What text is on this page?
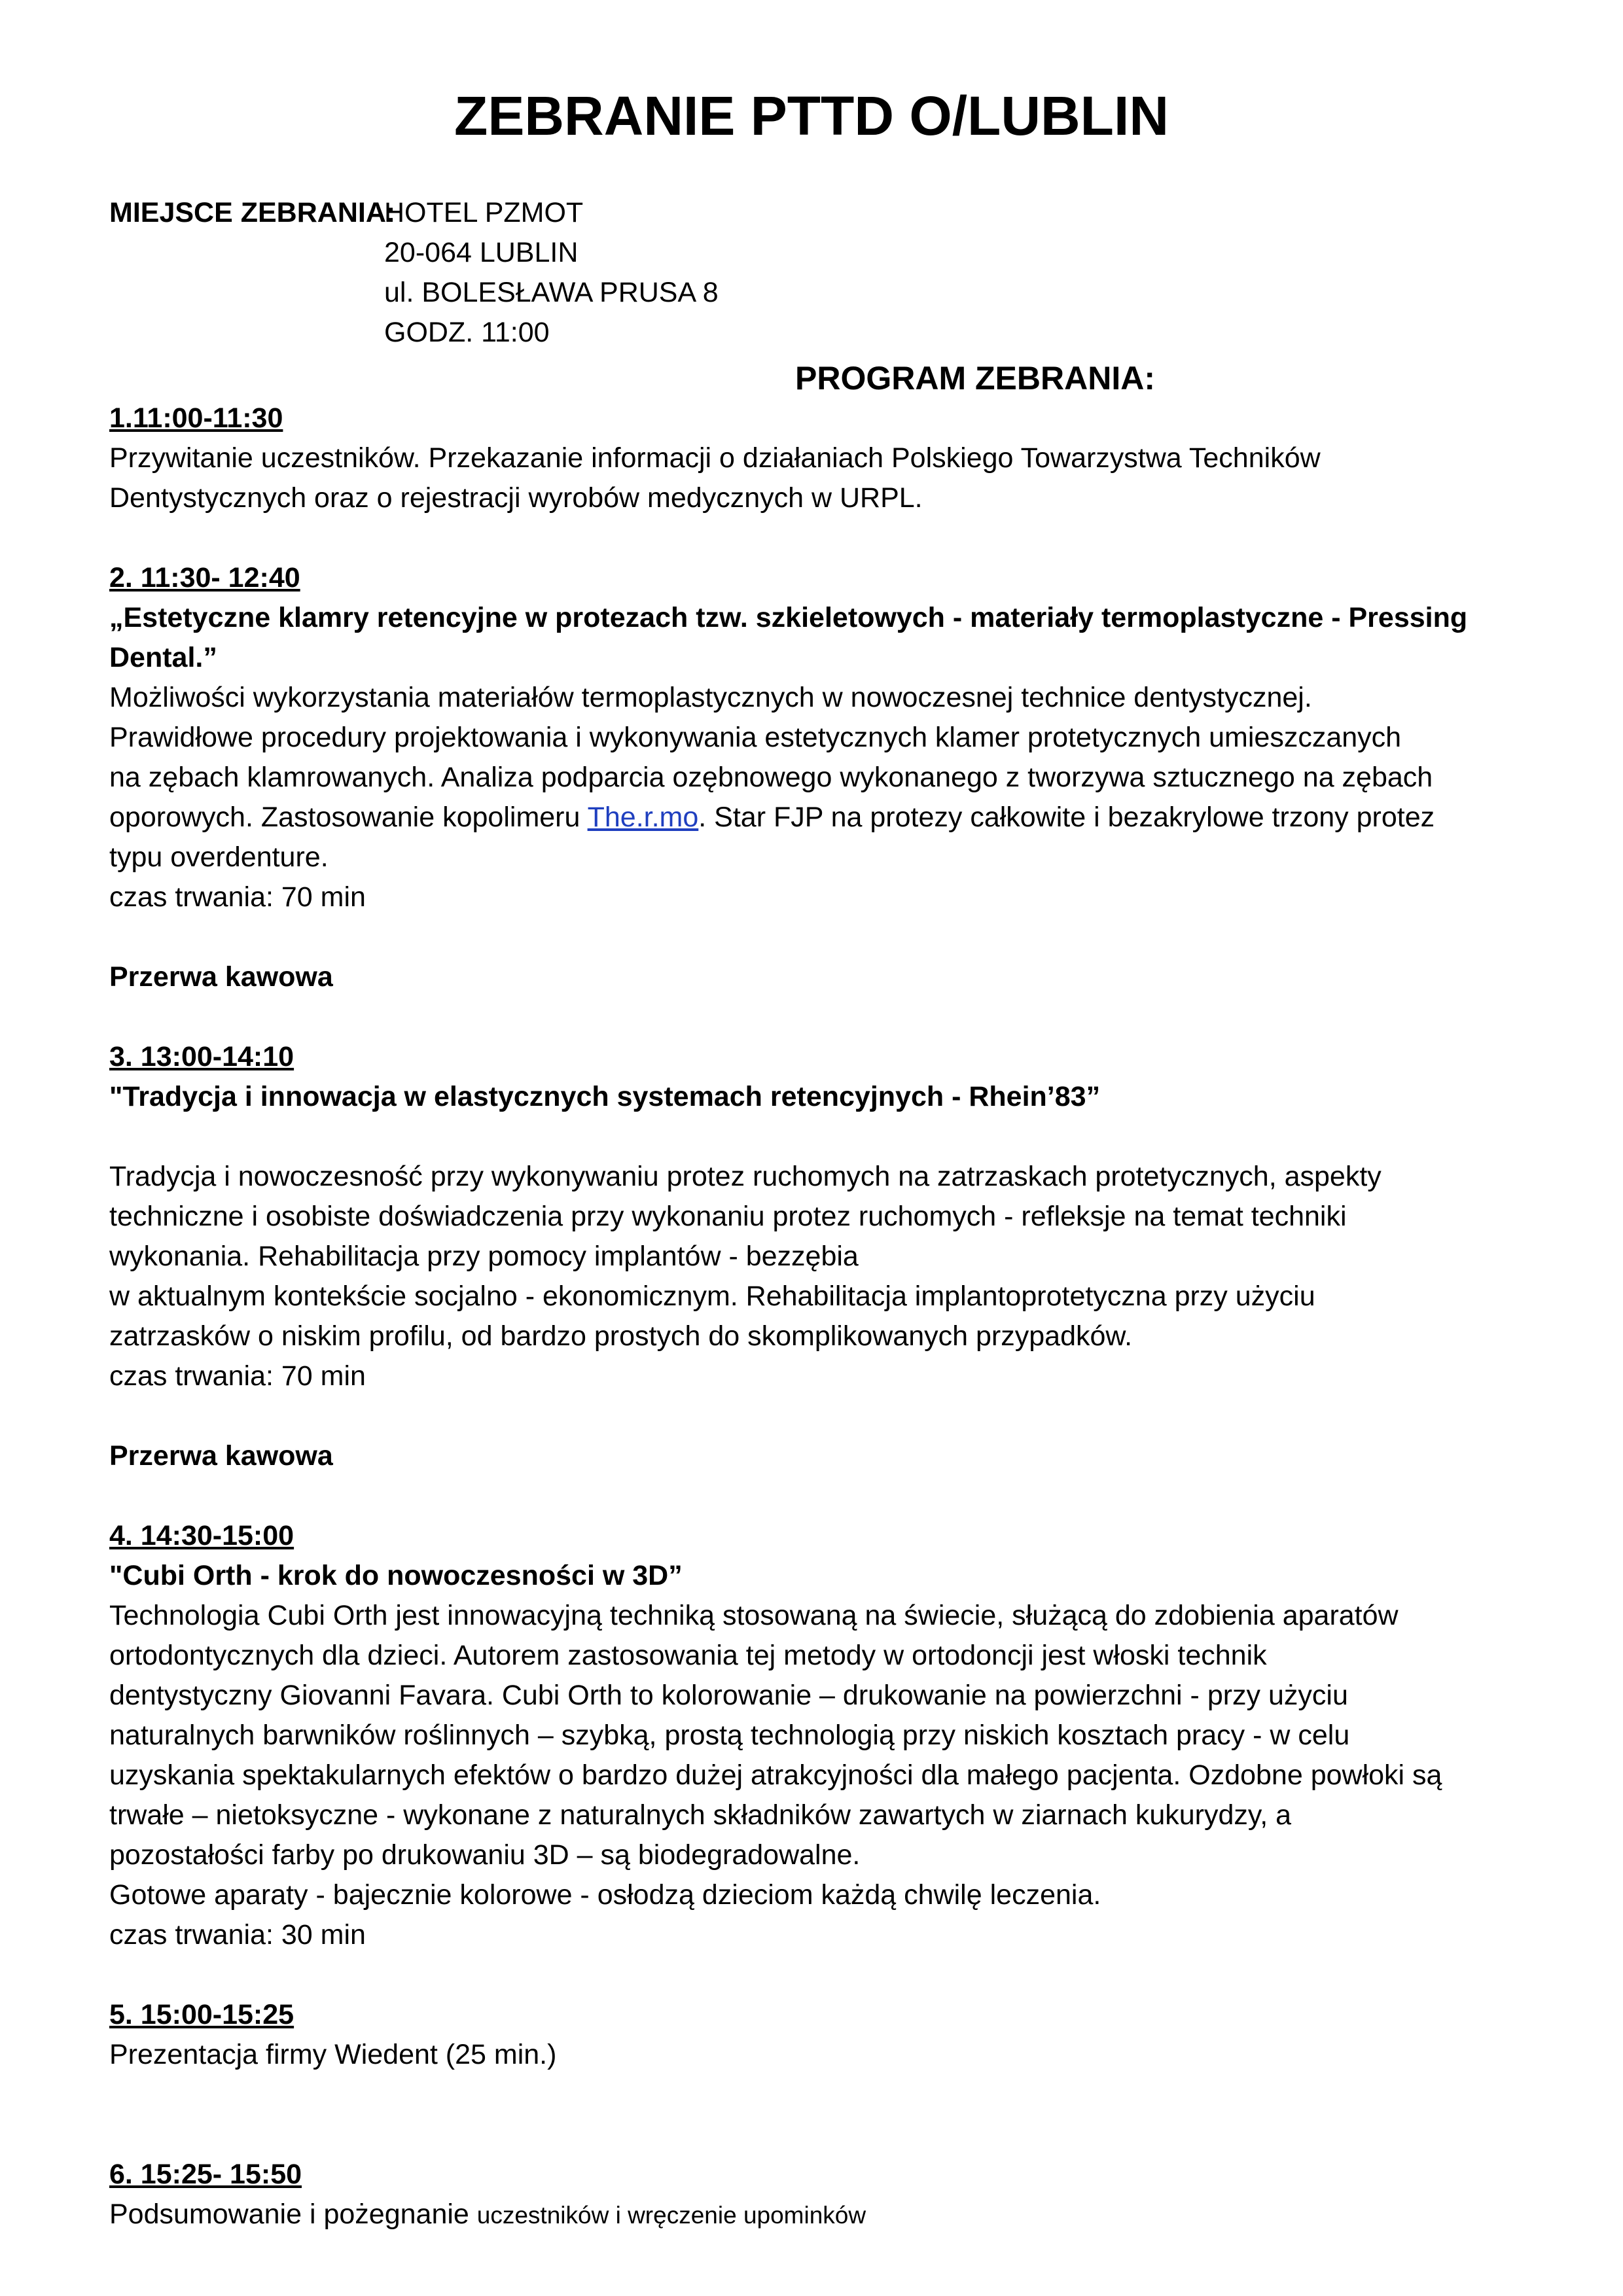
ZEBRANIE PTTD O/LUBLIN
MIEJSCE ZEBRANIA:
HOTEL PZMOT
20-064 LUBLIN
ul. BOLESŁAWA PRUSA 8
GODZ. 11:00
PROGRAM ZEBRANIA:

1.11:00-11:30

Przywitanie uczestników. Przekazanie informacji o działaniach Polskiego Towarzystwa Techników

Dentystycznych oraz o rejestracji wyrobów medycznych w URPL.

2. 11:30- 12:40

„Estetyczne klamry retencyjne w protezach tzw. szkieletowych - materiały termoplastyczne - Pressing

Dental.”

Możliwości wykorzystania materiałów termoplastycznych w nowoczesnej technice dentystycznej.

Prawidłowe procedury projektowania i wykonywania estetycznych klamer protetycznych umieszczanych

na zębach klamrowanych. Analiza podparcia ozębnowego wykonanego z tworzywa sztucznego na zębach

oporowych. Zastosowanie kopolimeru The.r.mo. Star FJP na protezy całkowite i bezakrylowe trzony protez

typu overdenture.

czas trwania: 70 min

Przerwa kawowa

3. 13:00-14:10

"Tradycja i innowacja w elastycznych systemach retencyjnych - Rhein’83”

Tradycja i nowoczesność przy wykonywaniu protez ruchomych na zatrzaskach protetycznych, aspekty

techniczne i osobiste doświadczenia przy wykonaniu protez ruchomych - refleksje na temat techniki

wykonania. Rehabilitacja przy pomocy implantów - bezzębia

w aktualnym kontekście socjalno - ekonomicznym. Rehabilitacja implantoprotetyczna przy użyciu

zatrzasków o niskim profilu, od bardzo prostych do skomplikowanych przypadków.

czas trwania: 70 min

Przerwa kawowa

4. 14:30-15:00

"Cubi Orth - krok do nowoczesności w 3D”

Technologia Cubi Orth jest innowacyjną techniką stosowaną na świecie, służącą do zdobienia aparatów

ortodontycznych dla dzieci. Autorem zastosowania tej metody w ortodoncji jest włoski technik

dentystyczny Giovanni Favara. Cubi Orth to kolorowanie – drukowanie na powierzchni - przy użyciu

naturalnych barwników roślinnych – szybką, prostą technologią przy niskich kosztach pracy - w celu

uzyskania spektakularnych efektów o bardzo dużej atrakcyjności dla małego pacjenta. Ozdobne powłoki są

trwałe – nietoksyczne - wykonane z naturalnych składników zawartych w ziarnach kukurydzy, a

pozostałości farby po drukowaniu 3D – są biodegradowalne.

Gotowe aparaty - bajecznie kolorowe - osłodzą dzieciom każdą chwilę leczenia.

czas trwania: 30 min

5. 15:00-15:25

Prezentacja firmy Wiedent (25 min.)

6. 15:25- 15:50

Podsumowanie i pożegnanie uczestników i wręczenie upominków
